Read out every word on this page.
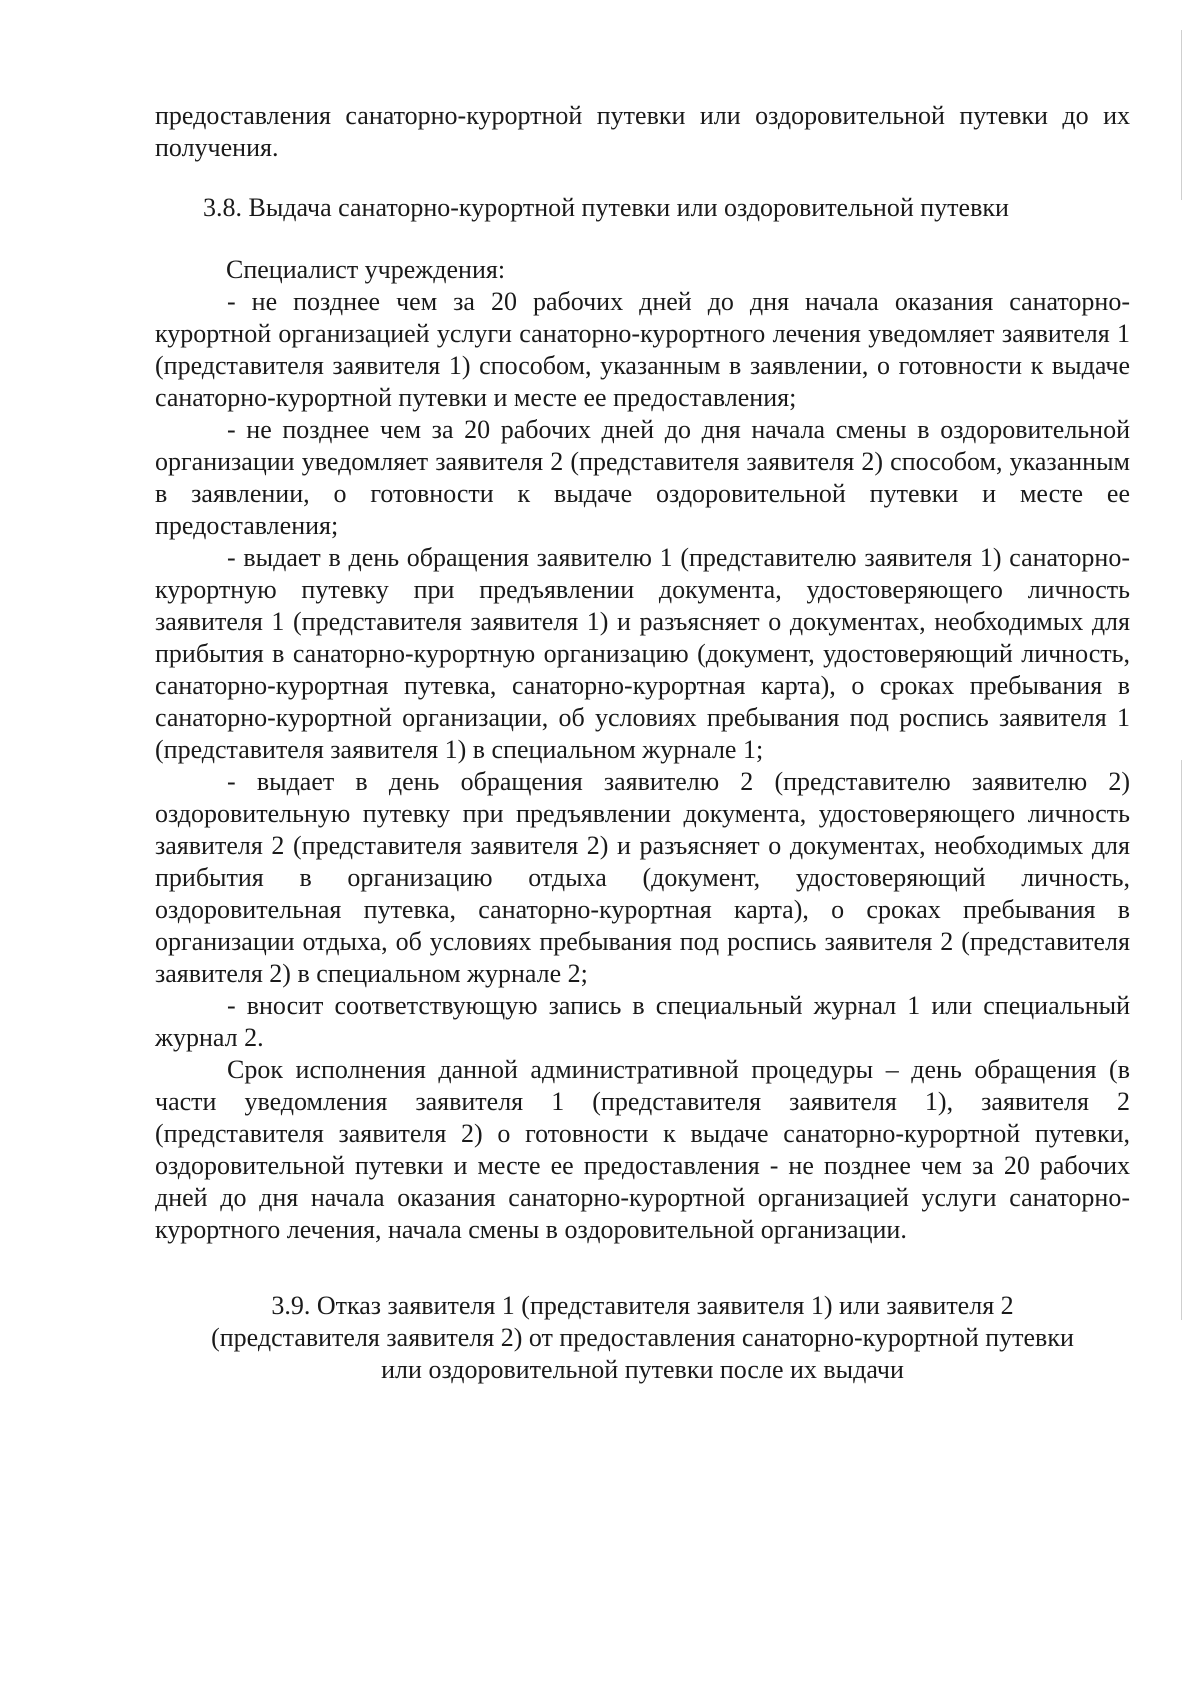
предоставления санаторно-курортной путевки или оздоровительной путевки до их получения.

3.8. Выдача санаторно-курортной путевки или оздоровительной путевки

Специалист учреждения:

- не позднее чем за 20 рабочих дней до дня начала оказания санаторно-курортной организацией услуги санаторно-курортного лечения уведомляет заявителя 1 (представителя заявителя 1) способом, указанным в заявлении, о готовности к выдаче санаторно-курортной путевки и месте ее предоставления;

- не позднее чем за 20 рабочих дней до дня начала смены в оздоровительной организации уведомляет заявителя 2 (представителя заявителя 2) способом, указанным в заявлении, о готовности к выдаче оздоровительной путевки и месте ее предоставления;

- выдает в день обращения заявителю 1 (представителю заявителя 1) санаторно-курортную путевку при предъявлении документа, удостоверяющего личность заявителя 1 (представителя заявителя 1) и разъясняет о документах, необходимых для прибытия в санаторно-курортную организацию (документ, удостоверяющий личность, санаторно-курортная путевка, санаторно-курортная карта), о сроках пребывания в санаторно-курортной организации, об условиях пребывания под роспись заявителя 1 (представителя заявителя 1) в специальном журнале 1;

- выдает в день обращения заявителю 2 (представителю заявителю 2) оздоровительную путевку при предъявлении документа, удостоверяющего личность заявителя 2 (представителя заявителя 2) и разъясняет о документах, необходимых для прибытия в организацию отдыха (документ, удостоверяющий личность, оздоровительная путевка, санаторно-курортная карта), о сроках пребывания в организации отдыха, об условиях пребывания под роспись заявителя 2 (представителя заявителя 2) в специальном журнале 2;

- вносит соответствующую запись в специальный журнал 1 или специальный журнал 2.

Срок исполнения данной административной процедуры – день обращения (в части уведомления заявителя 1 (представителя заявителя 1), заявителя 2 (представителя заявителя 2) о готовности к выдаче санаторно-курортной путевки, оздоровительной путевки и месте ее предоставления - не позднее чем за 20 рабочих дней до дня начала оказания санаторно-курортной организацией услуги санаторно-курортного лечения, начала смены в оздоровительной организации.

3.9. Отказ заявителя 1 (представителя заявителя 1) или заявителя 2
(представителя заявителя 2) от предоставления санаторно-курортной путевки
или оздоровительной путевки после их выдачи
